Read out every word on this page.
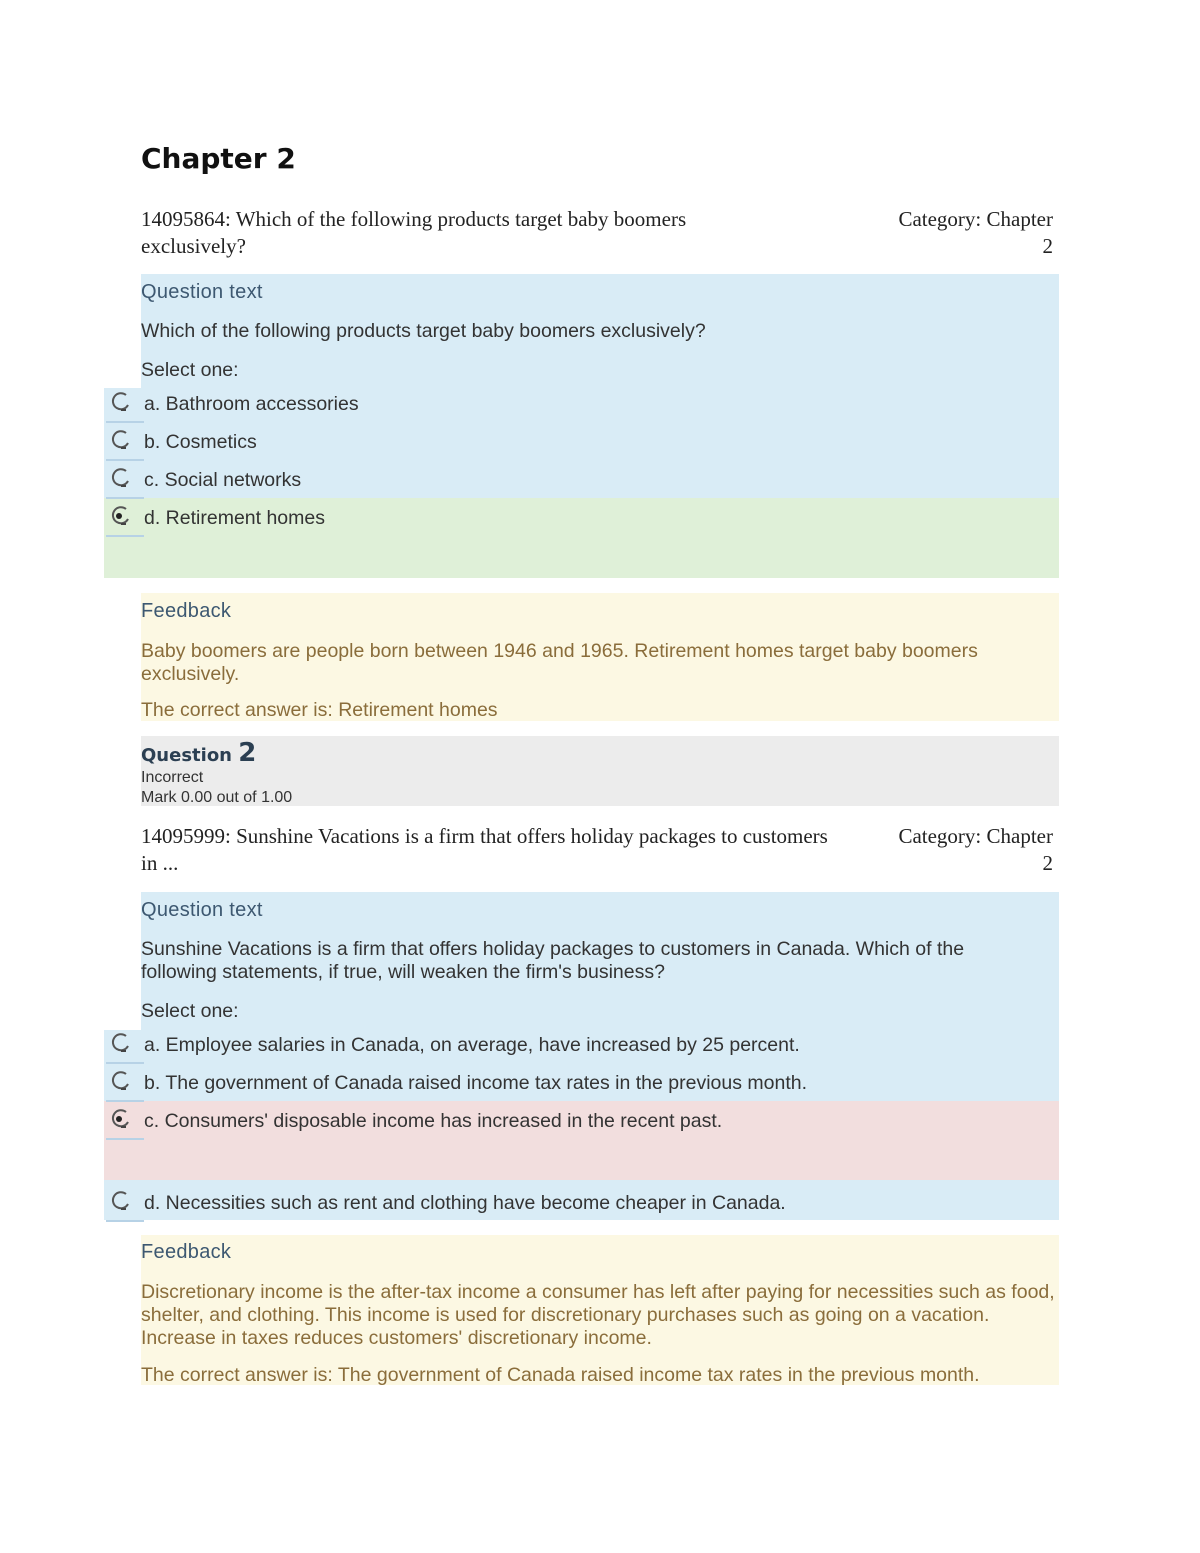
Chapter 2
14095864: Which of the following products target baby boomers exclusively?
Category: Chapter
2
Question text
Which of the following products target baby boomers exclusively?
Select one:
a. Bathroom accessories
b. Cosmetics
c. Social networks
d. Retirement homes
Feedback
Baby boomers are people born between 1946 and 1965. Retirement homes target baby boomers exclusively.
The correct answer is: Retirement homes
Question 2
Incorrect
Mark 0.00 out of 1.00
14095999: Sunshine Vacations is a firm that offers holiday packages to customers in ...
Category: Chapter
2
Question text
Sunshine Vacations is a firm that offers holiday packages to customers in Canada. Which of the following statements, if true, will weaken the firm's business?
Select one:
a. Employee salaries in Canada, on average, have increased by 25 percent.
b. The government of Canada raised income tax rates in the previous month.
c. Consumers' disposable income has increased in the recent past.
d. Necessities such as rent and clothing have become cheaper in Canada.
Feedback
Discretionary income is the after-tax income a consumer has left after paying for necessities such as food, shelter, and clothing. This income is used for discretionary purchases such as going on a vacation. Increase in taxes reduces customers' discretionary income.
The correct answer is: The government of Canada raised income tax rates in the previous month.
